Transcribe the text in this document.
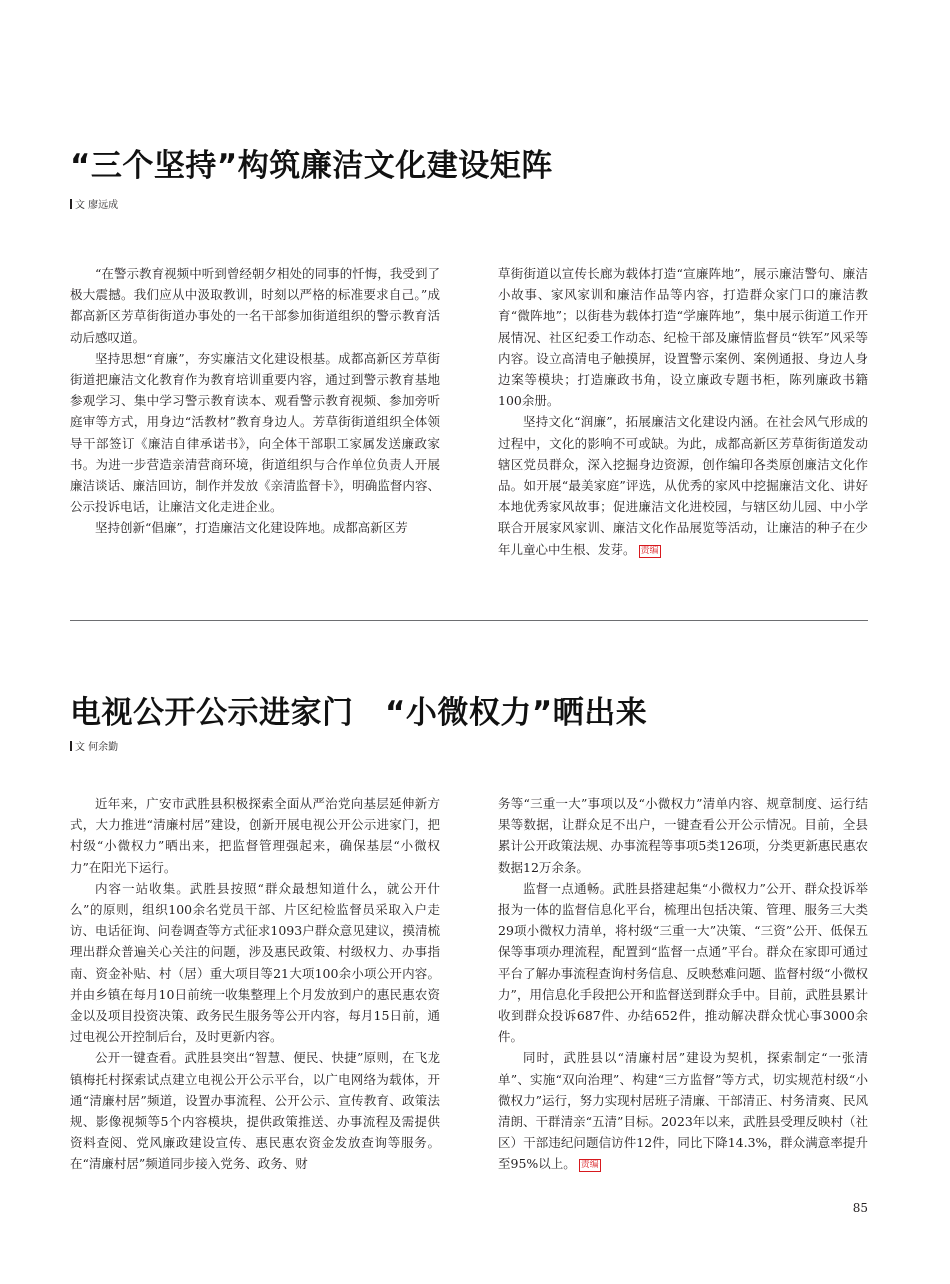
“三个坚持”构筑廉洁文化建设矩阵
文 廖远成

“在警示教育视频中听到曾经朝夕相处的同事的忏悔，我受到了极大震撼。我们应从中汲取教训，时刻以严格的标准要求自己。”成都高新区芳草街街道办事处的一名干部参加街道组织的警示教育活动后感叹道。

坚持思想“育廉”，夯实廉洁文化建设根基。成都高新区芳草街街道把廉洁文化教育作为教育培训重要内容，通过到警示教育基地参观学习、集中学习警示教育读本、观看警示教育视频、参加旁听庭审等方式，用身边“活教材”教育身边人。芳草街街道组织全体领导干部签订《廉洁自律承诺书》，向全体干部职工家属发送廉政家书。为进一步营造亲清营商环境，街道组织与合作单位负责人开展廉洁谈话、廉洁回访，制作并发放《亲清监督卡》，明确监督内容、公示投诉电话，让廉洁文化走进企业。

坚持创新“倡廉”，打造廉洁文化建设阵地。成都高新区芳

草街街道以宣传长廊为载体打造“宣廉阵地”，展示廉洁警句、廉洁小故事、家风家训和廉洁作品等内容，打造群众家门口的廉洁教育“微阵地”；以街巷为载体打造“学廉阵地”，集中展示街道工作开展情况、社区纪委工作动态、纪检干部及廉情监督员“铁军”风采等内容。设立高清电子触摸屏，设置警示案例、案例通报、身边人身边案等模块；打造廉政书角，设立廉政专题书柜，陈列廉政书籍100余册。

坚持文化“润廉”，拓展廉洁文化建设内涵。在社会风气形成的过程中，文化的影响不可或缺。为此，成都高新区芳草街街道发动辖区党员群众，深入挖掘身边资源，创作编印各类原创廉洁文化作品。如开展“最美家庭”评选，从优秀的家风中挖掘廉洁文化、讲好本地优秀家风故事；促进廉洁文化进校园，与辖区幼儿园、中小学联合开展家风家训、廉洁文化作品展览等活动，让廉洁的种子在少年儿童心中生根、发芽。 责编

电视公开公示进家门　“小微权力”晒出来
文 何余勤

近年来，广安市武胜县积极探索全面从严治党向基层延伸新方式，大力推进“清廉村居”建设，创新开展电视公开公示进家门，把村级“小微权力”晒出来，把监督管理强起来，确保基层“小微权力”在阳光下运行。

内容一站收集。武胜县按照“群众最想知道什么，就公开什么”的原则，组织100余名党员干部、片区纪检监督员采取入户走访、电话征询、问卷调查等方式征求1093户群众意见建议，摸清梳理出群众普遍关心关注的问题，涉及惠民政策、村级权力、办事指南、资金补贴、村（居）重大项目等21大项100余小项公开内容。并由乡镇在每月10日前统一收集整理上个月发放到户的惠民惠农资金以及项目投资决策、政务民生服务等公开内容，每月15日前，通过电视公开控制后台，及时更新内容。

公开一键查看。武胜县突出“智慧、便民、快捷”原则，在飞龙镇梅托村探索试点建立电视公开公示平台，以广电网络为载体，开通“清廉村居”频道，设置办事流程、公开公示、宣传教育、政策法规、影像视频等5个内容模块，提供政策推送、办事流程及需提供资料查阅、党风廉政建设宣传、惠民惠农资金发放查询等服务。在“清廉村居”频道同步接入党务、政务、财

务等“三重一大”事项以及“小微权力”清单内容、规章制度、运行结果等数据，让群众足不出户，一键查看公开公示情况。目前，全县累计公开政策法规、办事流程等事项5类126项，分类更新惠民惠农数据12万余条。

监督一点通畅。武胜县搭建起集“小微权力”公开、群众投诉举报为一体的监督信息化平台，梳理出包括决策、管理、服务三大类29项小微权力清单，将村级“三重一大”决策、“三资”公开、低保五保等事项办理流程，配置到“监督一点通”平台。群众在家即可通过平台了解办事流程查询村务信息、反映愁难问题、监督村级“小微权力”，用信息化手段把公开和监督送到群众手中。目前，武胜县累计收到群众投诉687件、办结652件，推动解决群众忧心事3000余件。

同时，武胜县以“清廉村居”建设为契机，探索制定“一张清单”、实施“双向治理”、构建“三方监督”等方式，切实规范村级“小微权力”运行，努力实现村居班子清廉、干部清正、村务清爽、民风清朗、干群清亲“五清”目标。2023年以来，武胜县受理反映村（社区）干部违纪问题信访件12件，同比下降14.3%，群众满意率提升至95%以上。 责编

85
